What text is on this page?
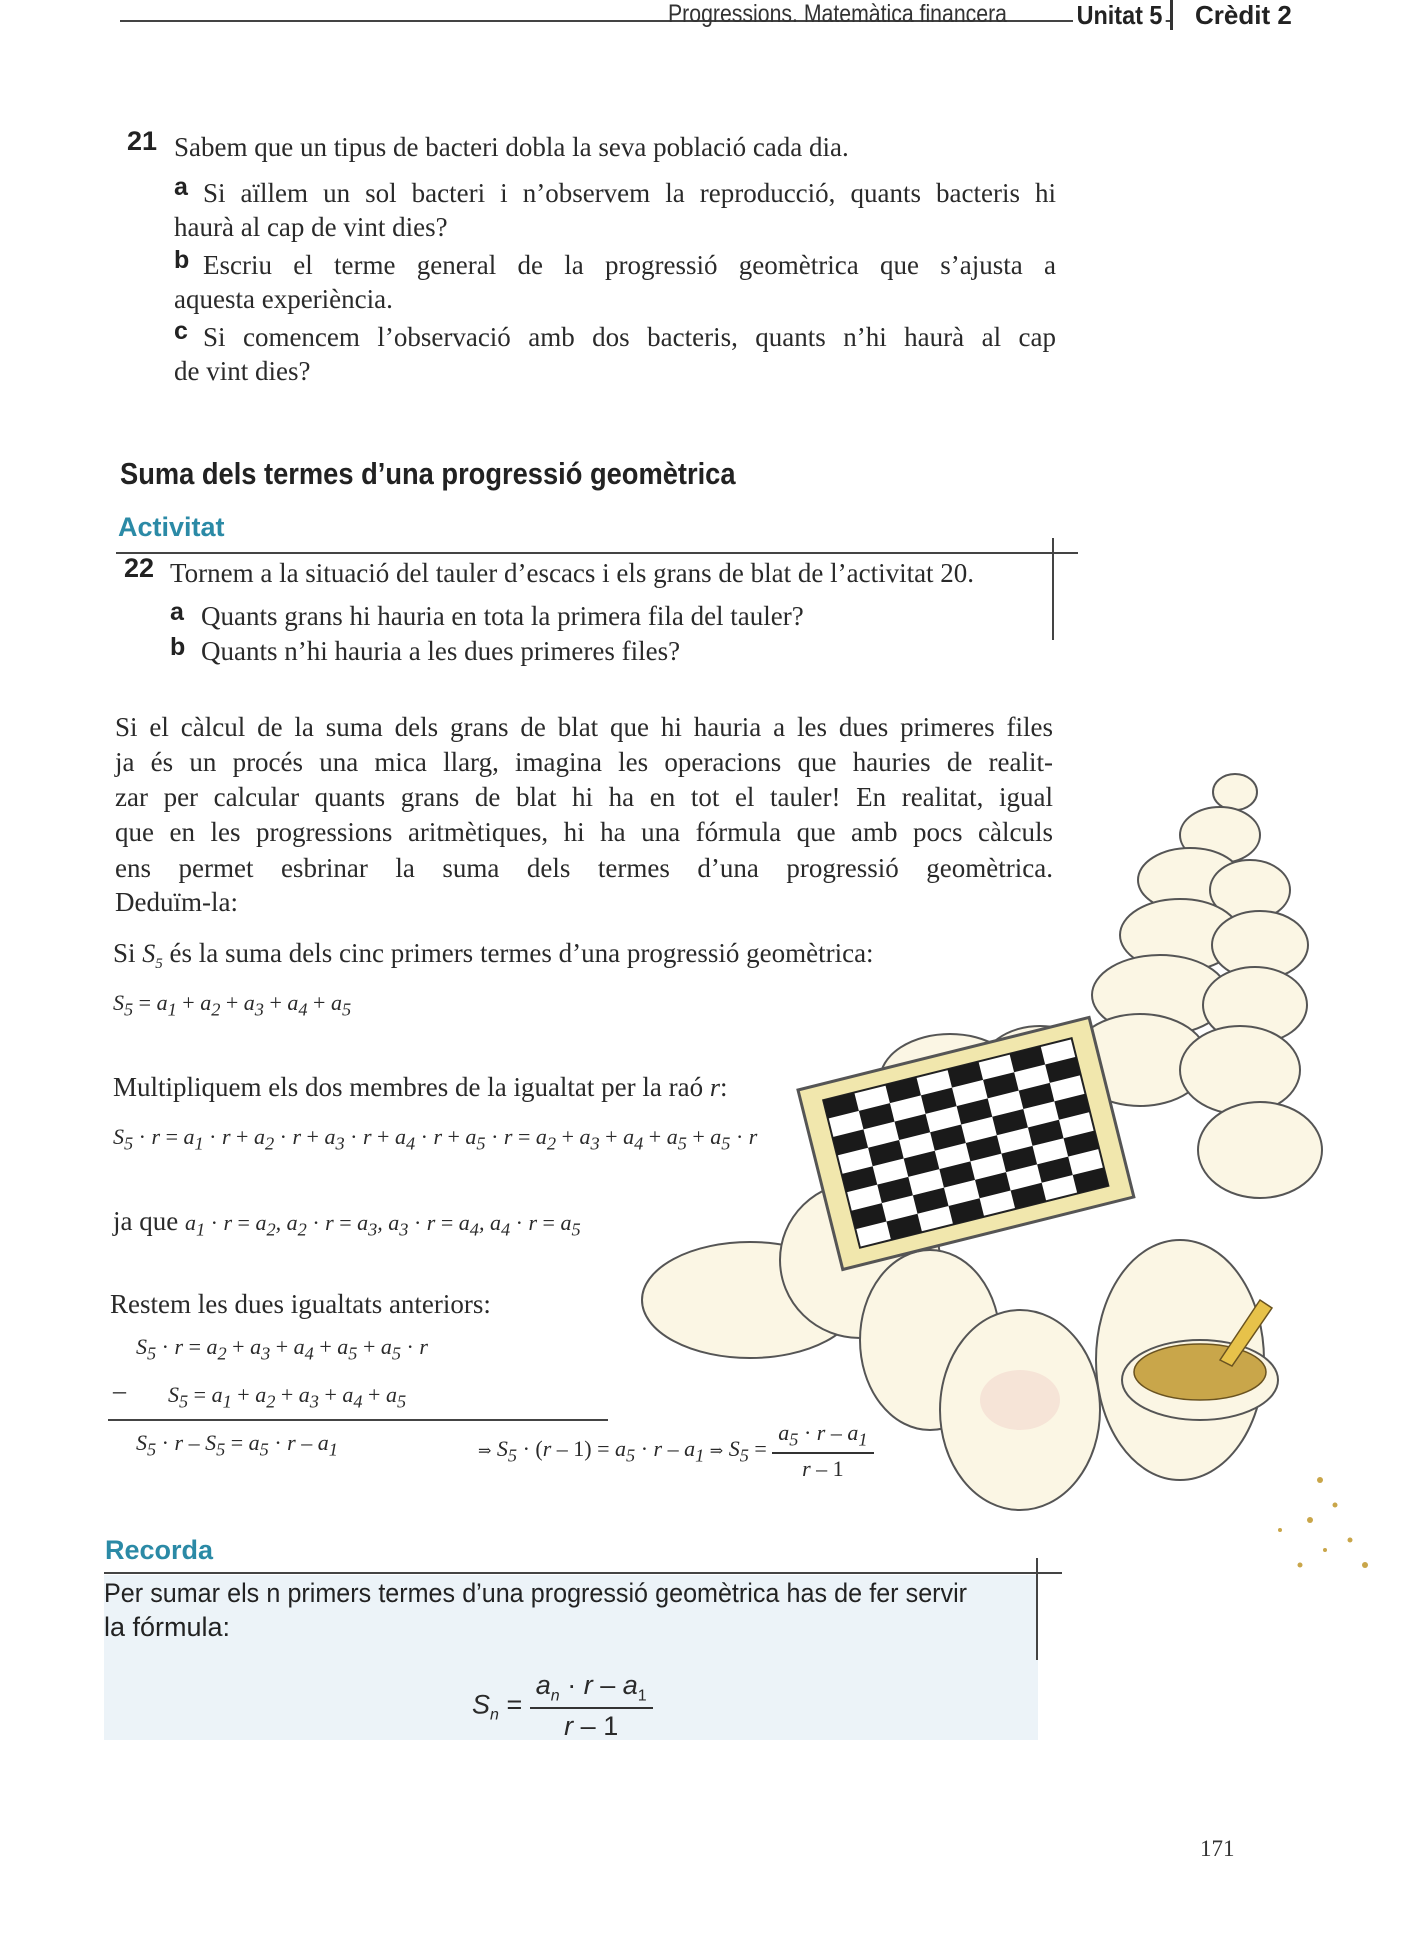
Progressions. Matemàtica financera	Unitat 5 Crèdit 2
21 Sabem que un tipus de bacteri dobla la seva població cada dia.
a Si aïllem un sol bacteri i n’observem la reproducció, quants bacteris hi
haurà al cap de vint dies?
b Escriu el terme general de la progressió geomètrica que s’ajusta a
aquesta experiència.
c Si comencem l’observació amb dos bacteris, quants n’hi haurà al cap
de vint dies?
Suma dels termes d’una progressió geomètrica
Activitat
22 Tornem a la situació del tauler d’escacs i els grans de blat de l’activitat 20.
a Quants grans hi hauria en tota la primera fila del tauler?
b Quants n’hi hauria a les dues primeres files?
Si el càlcul de la suma dels grans de blat que hi hauria a les dues primeres files
ja és un procés una mica llarg, imagina les operacions que hauries de realit-
zar per calcular quants grans de blat hi ha en tot el tauler! En realitat, igual
que en les progressions aritmètiques, hi ha una fórmula que amb pocs càlculs
ens permet esbrinar la suma dels termes d’una progressió geomètrica.
Deduïm-la:
Si $S_5$ és la suma dels cinc primers termes d’una progressió geomètrica:
$S_5 = a_1 + a_2 + a_3 + a_4 + a_5$
Multipliquem els dos membres de la igualtat per la raó r:
$S_5 \cdot r = a_1 \cdot r + a_2 \cdot r + a_3 \cdot r + a_4 \cdot r + a_5 \cdot r = a_2 + a_3 + a_4 + a_5 + a_5 \cdot r$
ja que $a_1 \cdot r = a_2$, $a_2 \cdot r = a_3$, $a_3 \cdot r = a_4$, $a_4 \cdot r = a_5$
Restem les dues igualtats anteriors:
$S_5 \cdot r = a_2 + a_3 + a_4 + a_5 + a_5 \cdot r$
– $S_5 = a_1 + a_2 + a_3 + a_4 + a_5$
$S_5 \cdot r - S_5 = a_5 \cdot r - a_1$	⇒ $S_5 \cdot (r - 1) = a_5 \cdot r - a_1$ ⇒ $S_5 = \frac{a_5 \cdot r - a_1}{r - 1}$
Recorda
Per sumar els n primers termes d’una progressió geomètrica has de fer servir
la fórmula:
$S_n = \frac{a_n \cdot r - a_1}{r - 1}$
171
